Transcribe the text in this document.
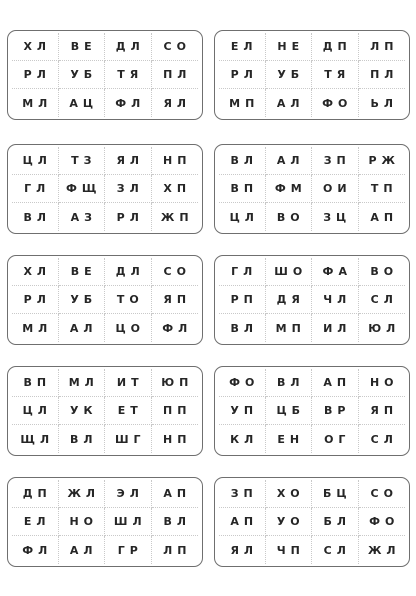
ХЛ	ВЕ	ДЛ	СО
РЛ	УБ	ТЯ	ПЛ
МЛ	АЦ	ФЛ	ЯЛ
ЕЛ	НЕ	ДП	ЛП
РЛ	УБ	ТЯ	ПЛ
МП	АЛ	ФО	ЬЛ
ЦЛ	ТЗ	ЯЛ	НП
ГЛ	ФЩ	ЗЛ	ХП
ВЛ	АЗ	РЛ	ЖП
ВЛ	АЛ	ЗП	РЖ
ВП	ФМ	ОИ	ТП
ЦЛ	ВО	ЗЦ	АП
ХЛ	ВЕ	ДЛ	СО
РЛ	УБ	ТО	ЯП
МЛ	АЛ	ЦО	ФЛ
ГЛ	ШО	ФА	ВО
РП	ДЯ	ЧЛ	СЛ
ВЛ	МП	ИЛ	ЮЛ
ВП	МЛ	ИТ	ЮП
ЦЛ	УК	ЕТ	ПП
ЩЛ	ВЛ	ШГ	НП
ФО	ВЛ	АП	НО
УП	ЦБ	ВР	ЯП
КЛ	ЕН	ОГ	СЛ
ДП	ЖЛ	ЭЛ	АП
ЕЛ	НО	ШЛ	ВЛ
ФЛ	АЛ	ГР	ЛП
ЗП	ХО	БЦ	СО
АП	УО	БЛ	ФО
ЯЛ	ЧП	СЛ	ЖЛ
